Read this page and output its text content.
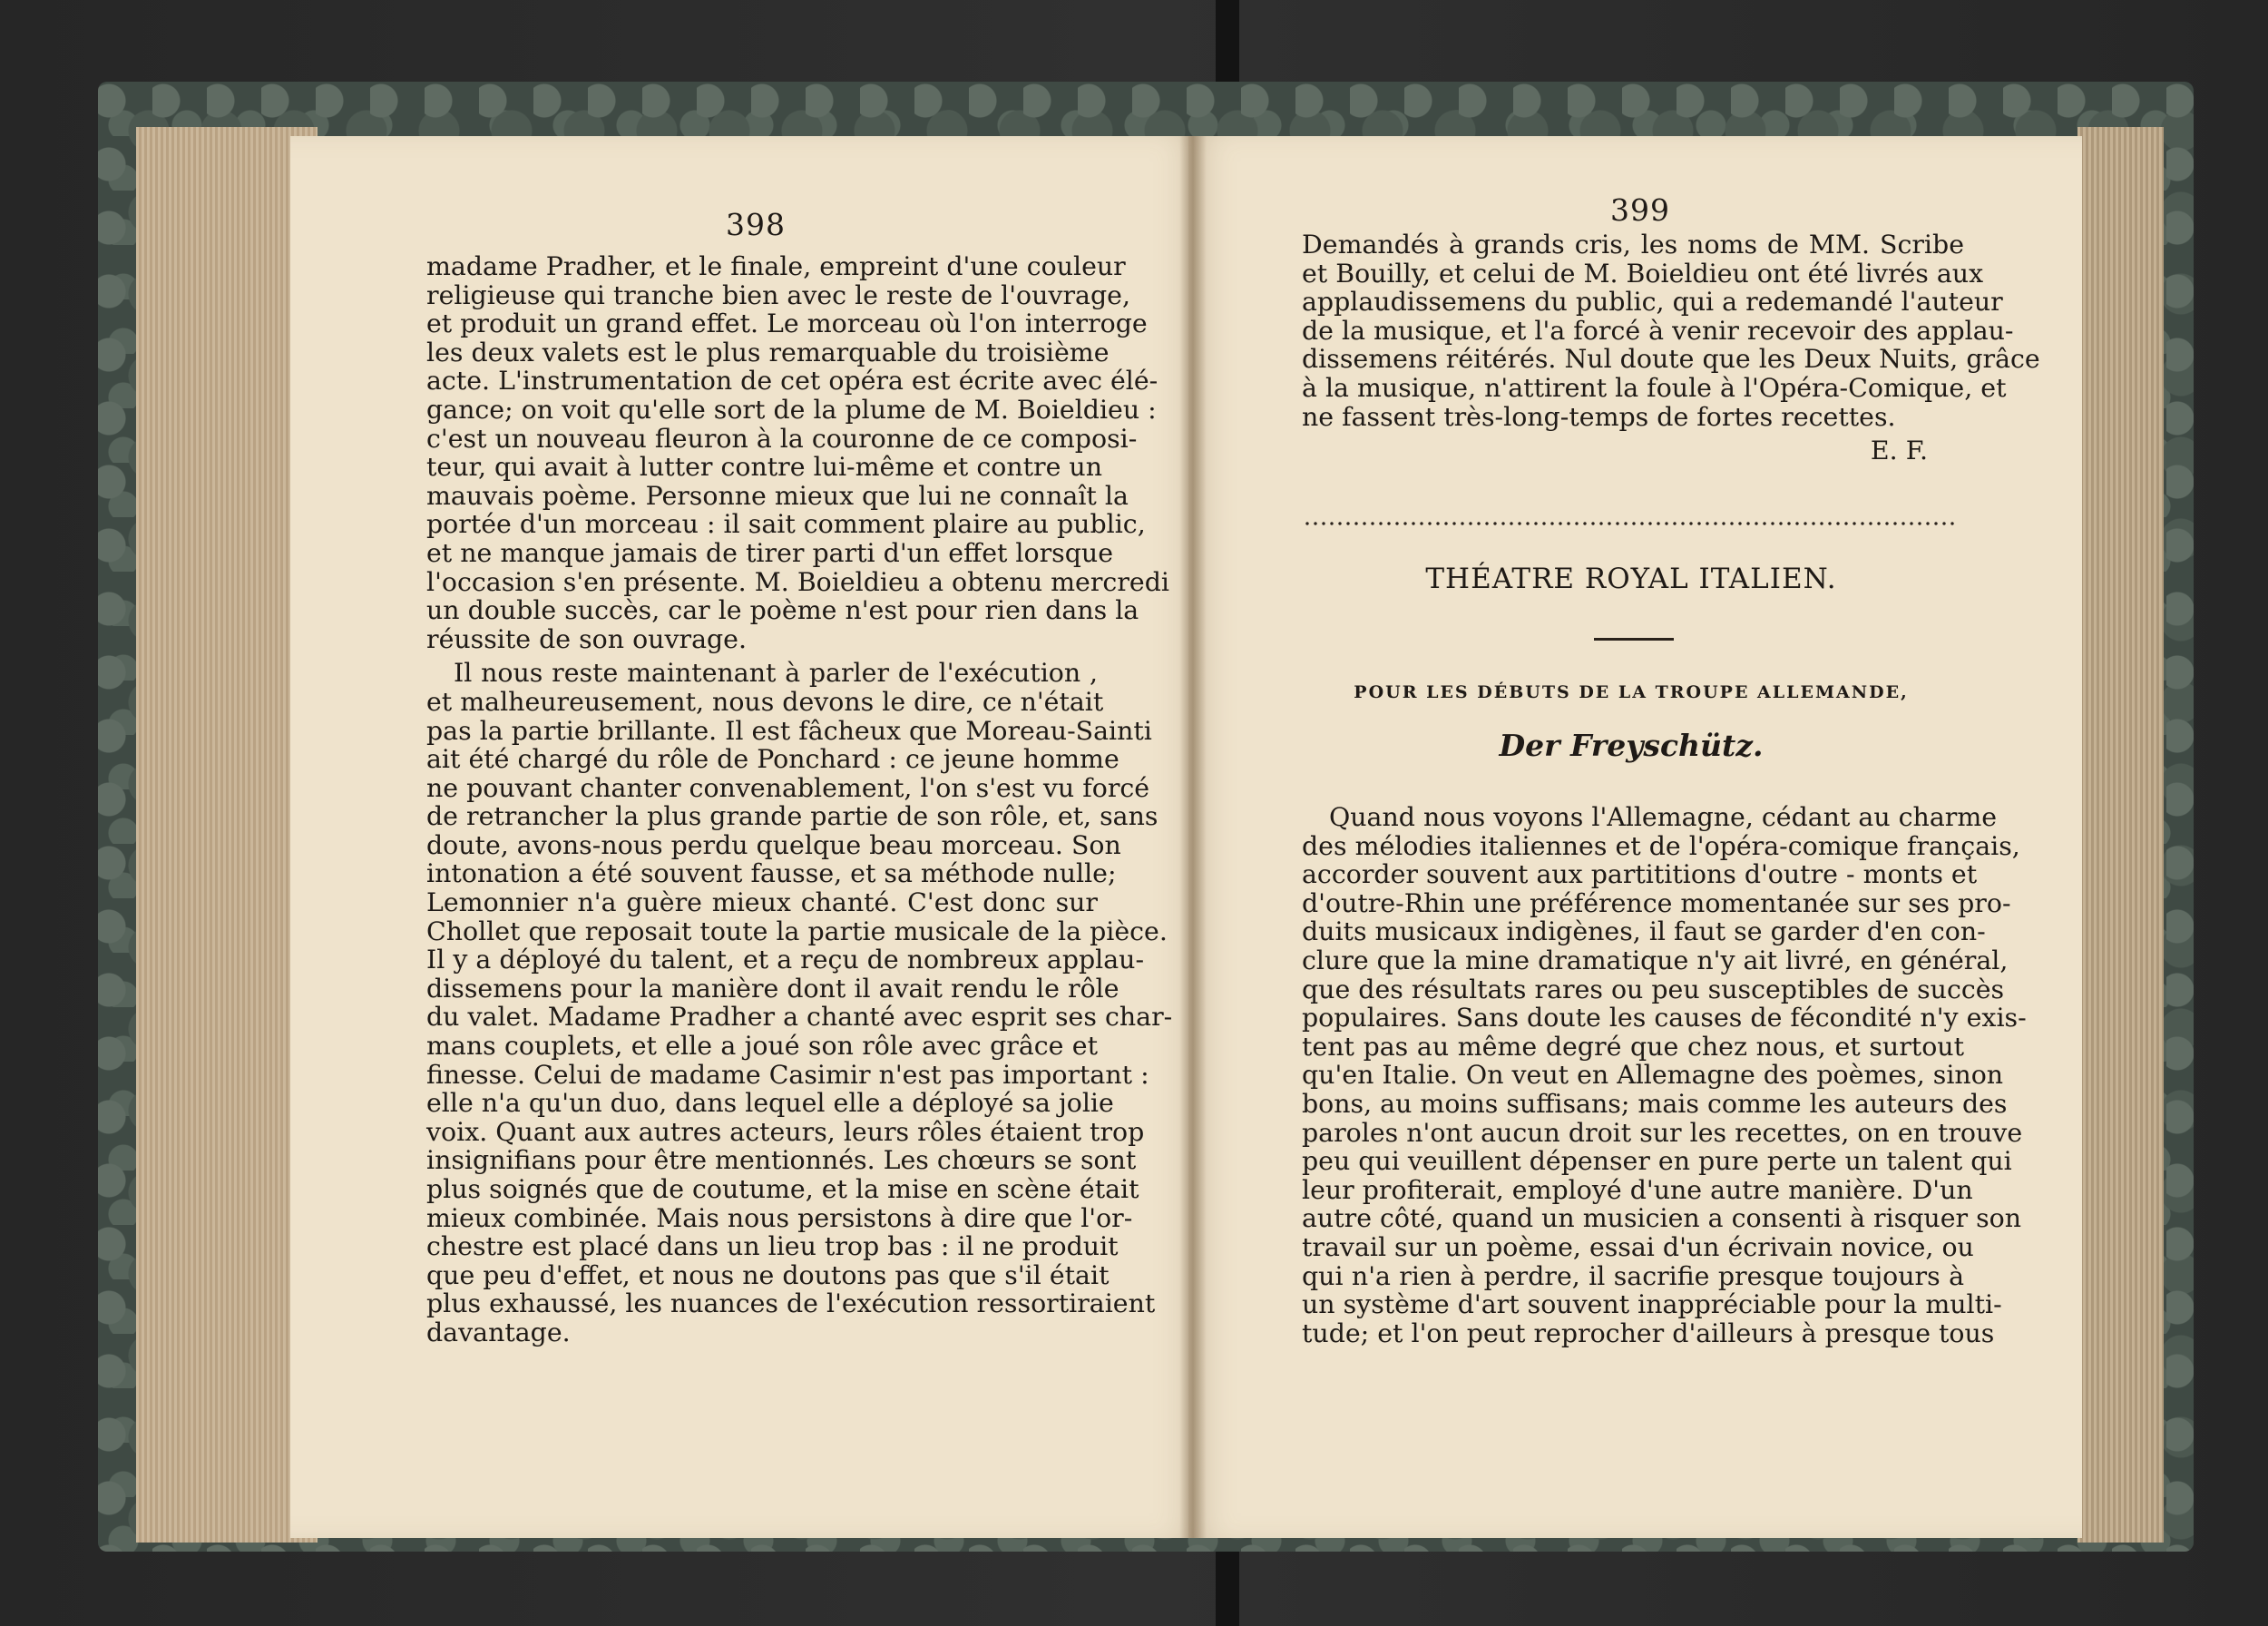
398
madame Pradher, et le finale, empreint d'une couleur
religieuse qui tranche bien avec le reste de l'ouvrage,
et produit un grand effet. Le morceau où l'on interroge
les deux valets est le plus remarquable du troisième
acte. L'instrumentation de cet opéra est écrite avec élé-
gance; on voit qu'elle sort de la plume de M. Boieldieu :
c'est un nouveau fleuron à la couronne de ce composi-
teur, qui avait à lutter contre lui-même et contre un
mauvais poème. Personne mieux que lui ne connaît la
portée d'un morceau : il sait comment plaire au public,
et ne manque jamais de tirer parti d'un effet lorsque
l'occasion s'en présente. M. Boieldieu a obtenu mercredi
un double succès, car le poème n'est pour rien dans la
réussite de son ouvrage.
Il nous reste maintenant à parler de l'exécution ,
et malheureusement, nous devons le dire, ce n'était
pas la partie brillante. Il est fâcheux que Moreau-Sainti
ait été chargé du rôle de Ponchard : ce jeune homme
ne pouvant chanter convenablement, l'on s'est vu forcé
de retrancher la plus grande partie de son rôle, et, sans
doute, avons-nous perdu quelque beau morceau. Son
intonation a été souvent fausse, et sa méthode nulle;
Lemonnier n'a guère mieux chanté. C'est donc sur
Chollet que reposait toute la partie musicale de la pièce.
Il y a déployé du talent, et a reçu de nombreux applau-
dissemens pour la manière dont il avait rendu le rôle
du valet. Madame Pradher a chanté avec esprit ses char-
mans couplets, et elle a joué son rôle avec grâce et
finesse. Celui de madame Casimir n'est pas important :
elle n'a qu'un duo, dans lequel elle a déployé sa jolie
voix. Quant aux autres acteurs, leurs rôles étaient trop
insignifians pour être mentionnés. Les chœurs se sont
plus soignés que de coutume, et la mise en scène était
mieux combinée. Mais nous persistons à dire que l'or-
chestre est placé dans un lieu trop bas : il ne produit
que peu d'effet, et nous ne doutons pas que s'il était
plus exhaussé, les nuances de l'exécution ressortiraient
davantage.
399
Demandés à grands cris, les noms de MM. Scribe
et Bouilly, et celui de M. Boieldieu ont été livrés aux
applaudissemens du public, qui a redemandé l'auteur
de la musique, et l'a forcé à venir recevoir des applau-
dissemens réitérés. Nul doute que les Deux Nuits, grâce
à la musique, n'attirent la foule à l'Opéra-Comique, et
ne fassent très-long-temps de fortes recettes.
E. F.
THÉATRE ROYAL ITALIEN.
POUR LES DÉBUTS DE LA TROUPE ALLEMANDE,
Der Freyschütz.
Quand nous voyons l'Allemagne, cédant au charme
des mélodies italiennes et de l'opéra-comique français,
accorder souvent aux partititions d'outre - monts et
d'outre-Rhin une préférence momentanée sur ses pro-
duits musicaux indigènes, il faut se garder d'en con-
clure que la mine dramatique n'y ait livré, en général,
que des résultats rares ou peu susceptibles de succès
populaires. Sans doute les causes de fécondité n'y exis-
tent pas au même degré que chez nous, et surtout
qu'en Italie. On veut en Allemagne des poèmes, sinon
bons, au moins suffisans; mais comme les auteurs des
paroles n'ont aucun droit sur les recettes, on en trouve
peu qui veuillent dépenser en pure perte un talent qui
leur profiterait, employé d'une autre manière. D'un
autre côté, quand un musicien a consenti à risquer son
travail sur un poème, essai d'un écrivain novice, ou
qui n'a rien à perdre, il sacrifie presque toujours à
un système d'art souvent inappréciable pour la multi-
tude; et l'on peut reprocher d'ailleurs à presque tous
